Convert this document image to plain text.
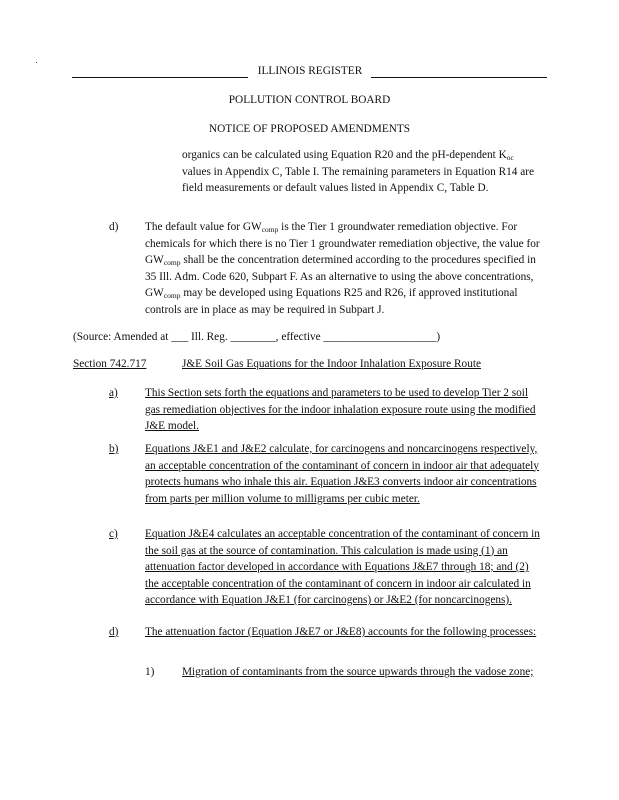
ILLINOIS REGISTER
POLLUTION CONTROL BOARD
NOTICE OF PROPOSED AMENDMENTS
organics can be calculated using Equation R20 and the pH-dependent $K_{oc}$ values in Appendix C, Table I. The remaining parameters in Equation R14 are field measurements or default values listed in Appendix C, Table D.
d) The default value for $GW_{comp}$ is the Tier 1 groundwater remediation objective. For chemicals for which there is no Tier 1 groundwater remediation objective, the value for $GW_{comp}$ shall be the concentration determined according to the procedures specified in 35 Ill. Adm. Code 620, Subpart F. As an alternative to using the above concentrations, $GW_{comp}$ may be developed using Equations R25 and R26, if approved institutional controls are in place as may be required in Subpart J.
(Source: Amended at ___ Ill. Reg. ________, effective ____________________)
Section 742.717	J&E Soil Gas Equations for the Indoor Inhalation Exposure Route
a) This Section sets forth the equations and parameters to be used to develop Tier 2 soil gas remediation objectives for the indoor inhalation exposure route using the modified J&E model.
b) Equations J&E1 and J&E2 calculate, for carcinogens and noncarcinogens respectively, an acceptable concentration of the contaminant of concern in indoor air that adequately protects humans who inhale this air. Equation J&E3 converts indoor air concentrations from parts per million volume to milligrams per cubic meter.
c) Equation J&E4 calculates an acceptable concentration of the contaminant of concern in the soil gas at the source of contamination. This calculation is made using (1) an attenuation factor developed in accordance with Equations J&E7 through 18; and (2) the acceptable concentration of the contaminant of concern in indoor air calculated in accordance with Equation J&E1 (for carcinogens) or J&E2 (for noncarcinogens).
d) The attenuation factor (Equation J&E7 or J&E8) accounts for the following processes:
1) Migration of contaminants from the source upwards through the vadose zone;
